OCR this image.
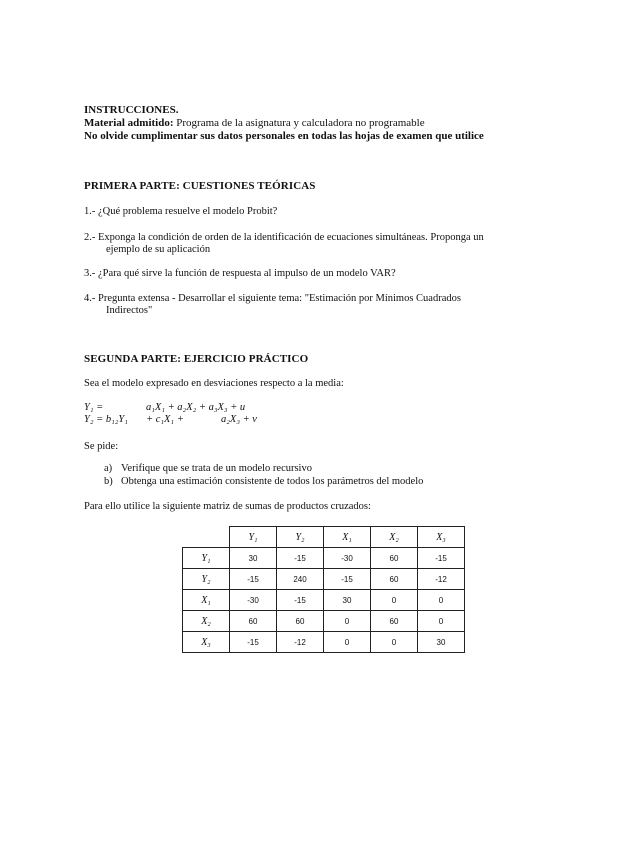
INSTRUCCIONES.
Material admitido: Programa de la asignatura y calculadora no programable
No olvide cumplimentar sus datos personales en todas las hojas de examen que utilice
PRIMERA PARTE: CUESTIONES TEÓRICAS
1.- ¿Qué problema resuelve el modelo Probit?
2.- Exponga la condición de orden de la identificación de ecuaciones simultáneas. Proponga un
ejemplo de su aplicación
3.- ¿Para qué sirve la función de respuesta al impulso de un modelo VAR?
4.- Pregunta extensa - Desarrollar el siguiente tema: "Estimación por Mínimos Cuadrados
Indirectos"
SEGUNDA PARTE: EJERCICIO PRÁCTICO
Sea el modelo expresado en desviaciones respecto a la media:
Y₁ =	a₁X₁ + a₂X₂ + a₃X₃ + u
Y₂ = b₁₂Y₁ + c₁X₁ +	a₂X₃ + v
Se pide:
a) Verifique que se trata de un modelo recursivo
b) Obtenga una estimación consistente de todos los parámetros del modelo
Para ello utilice la siguiente matriz de sumas de productos cruzados:
	Y₁	Y₂	X₁	X₂	X₃
Y₁	30	-15	-30	60	-15
Y₂	-15	240	-15	60	-12
X₁	-30	-15	30	0	0
X₂	60	60	0	60	0
X₃	-15	-12	0	0	30
